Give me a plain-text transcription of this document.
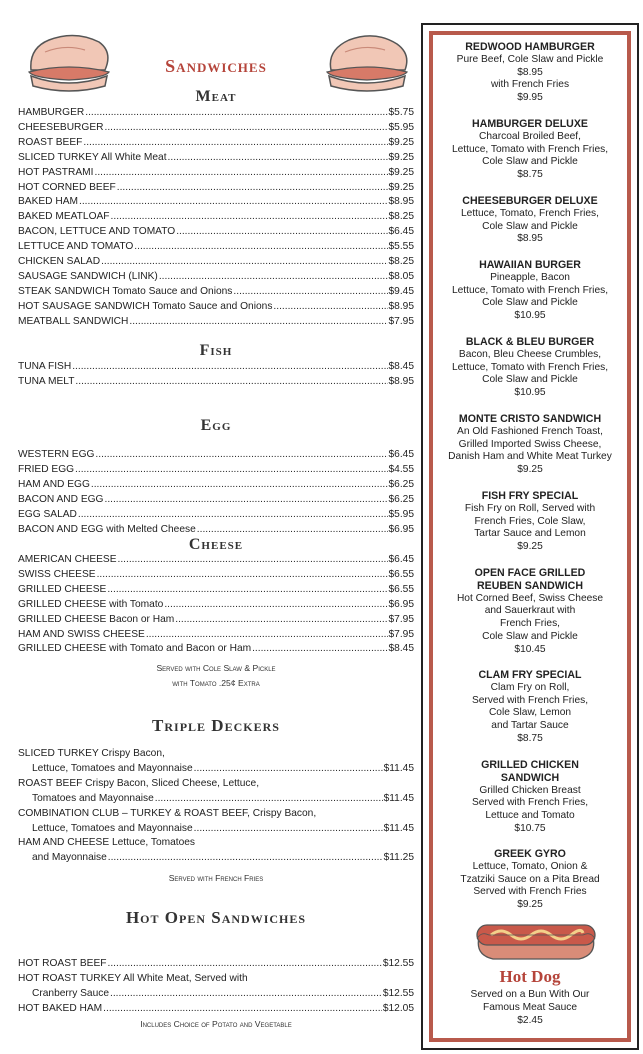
Sandwiches
Meat
HAMBURGER .....	$5.75
CHEESEBURGER .....	$5.95
ROAST BEEF .....	$9.25
SLICED TURKEY All White Meat .....	$9.25
HOT PASTRAMI .....	$9.25
HOT CORNED BEEF .....	$9.25
BAKED HAM .....	$8.95
BAKED MEATLOAF .....	$8.25
BACON, LETTUCE AND TOMATO .....	$6.45
LETTUCE AND TOMATO .....	$5.55
CHICKEN SALAD .....	$8.25
SAUSAGE SANDWICH (LINK) .....	$8.05
STEAK SANDWICH Tomato Sauce and Onions .....	$9.45
HOT SAUSAGE SANDWICH Tomato Sauce and Onions .....	$8.95
MEATBALL SANDWICH .....	$7.95
Fish
TUNA FISH .....	$8.45
TUNA MELT .....	$8.95
Egg
WESTERN EGG .....	$6.45
FRIED EGG .....	$4.55
HAM AND EGG .....	$6.25
BACON AND EGG .....	$6.25
EGG SALAD .....	$5.95
BACON AND EGG with Melted Cheese .....	$6.95
Cheese
AMERICAN CHEESE .....	$6.45
SWISS CHEESE .....	$6.55
GRILLED CHEESE .....	$6.55
GRILLED CHEESE with Tomato .....	$6.95
GRILLED CHEESE Bacon or Ham .....	$7.95
HAM AND SWISS CHEESE .....	$7.95
GRILLED CHEESE with Tomato and Bacon or Ham .....	$8.45
Served with Cole Slaw & Pickle
with Tomato .25¢ Extra
Triple Deckers
SLICED TURKEY Crispy Bacon,
Lettuce, Tomatoes and Mayonnaise .....	$11.45
ROAST BEEF Crispy Bacon, Sliced Cheese, Lettuce,
Tomatoes and Mayonnaise .....	$11.45
COMBINATION CLUB – TURKEY & ROAST BEEF, Crispy Bacon,
Lettuce, Tomatoes and Mayonnaise .....	$11.45
HAM AND CHEESE Lettuce, Tomatoes
and Mayonnaise .....	$11.25
Served with French Fries
Hot Open Sandwiches
HOT ROAST BEEF .....	$12.55
HOT ROAST TURKEY All White Meat, Served with
Cranberry Sauce .....	$12.55
HOT BAKED HAM .....	$12.05
Includes Choice of Potato and Vegetable
REDWOOD HAMBURGER
Pure Beef, Cole Slaw and Pickle
$8.95
with French Fries
$9.95
HAMBURGER DELUXE
Charcoal Broiled Beef,
Lettuce, Tomato with French Fries,
Cole Slaw and Pickle
$8.75
CHEESEBURGER DELUXE
Lettuce, Tomato, French Fries,
Cole Slaw and Pickle
$8.95
HAWAIIAN BURGER
Pineapple, Bacon
Lettuce, Tomato with French Fries,
Cole Slaw and Pickle
$10.95
BLACK & BLEU BURGER
Bacon, Bleu Cheese Crumbles,
Lettuce, Tomato with French Fries,
Cole Slaw and Pickle
$10.95
MONTE CRISTO SANDWICH
An Old Fashioned French Toast,
Grilled Imported Swiss Cheese,
Danish Ham and White Meat Turkey
$9.25
FISH FRY SPECIAL
Fish Fry on Roll, Served with
French Fries, Cole Slaw,
Tartar Sauce and Lemon
$9.25
OPEN FACE GRILLED
REUBEN SANDWICH
Hot Corned Beef, Swiss Cheese
and Sauerkraut with
French Fries,
Cole Slaw and Pickle
$10.45
CLAM FRY SPECIAL
Clam Fry on Roll,
Served with French Fries,
Cole Slaw, Lemon
and Tartar Sauce
$8.75
GRILLED CHICKEN
SANDWICH
Grilled Chicken Breast
Served with French Fries,
Lettuce and Tomato
$10.75
GREEK GYRO
Lettuce, Tomato, Onion &
Tzatziki Sauce on a Pita Bread
Served with French Fries
$9.25
Hot Dog
Served on a Bun With Our
Famous Meat Sauce
$2.45
